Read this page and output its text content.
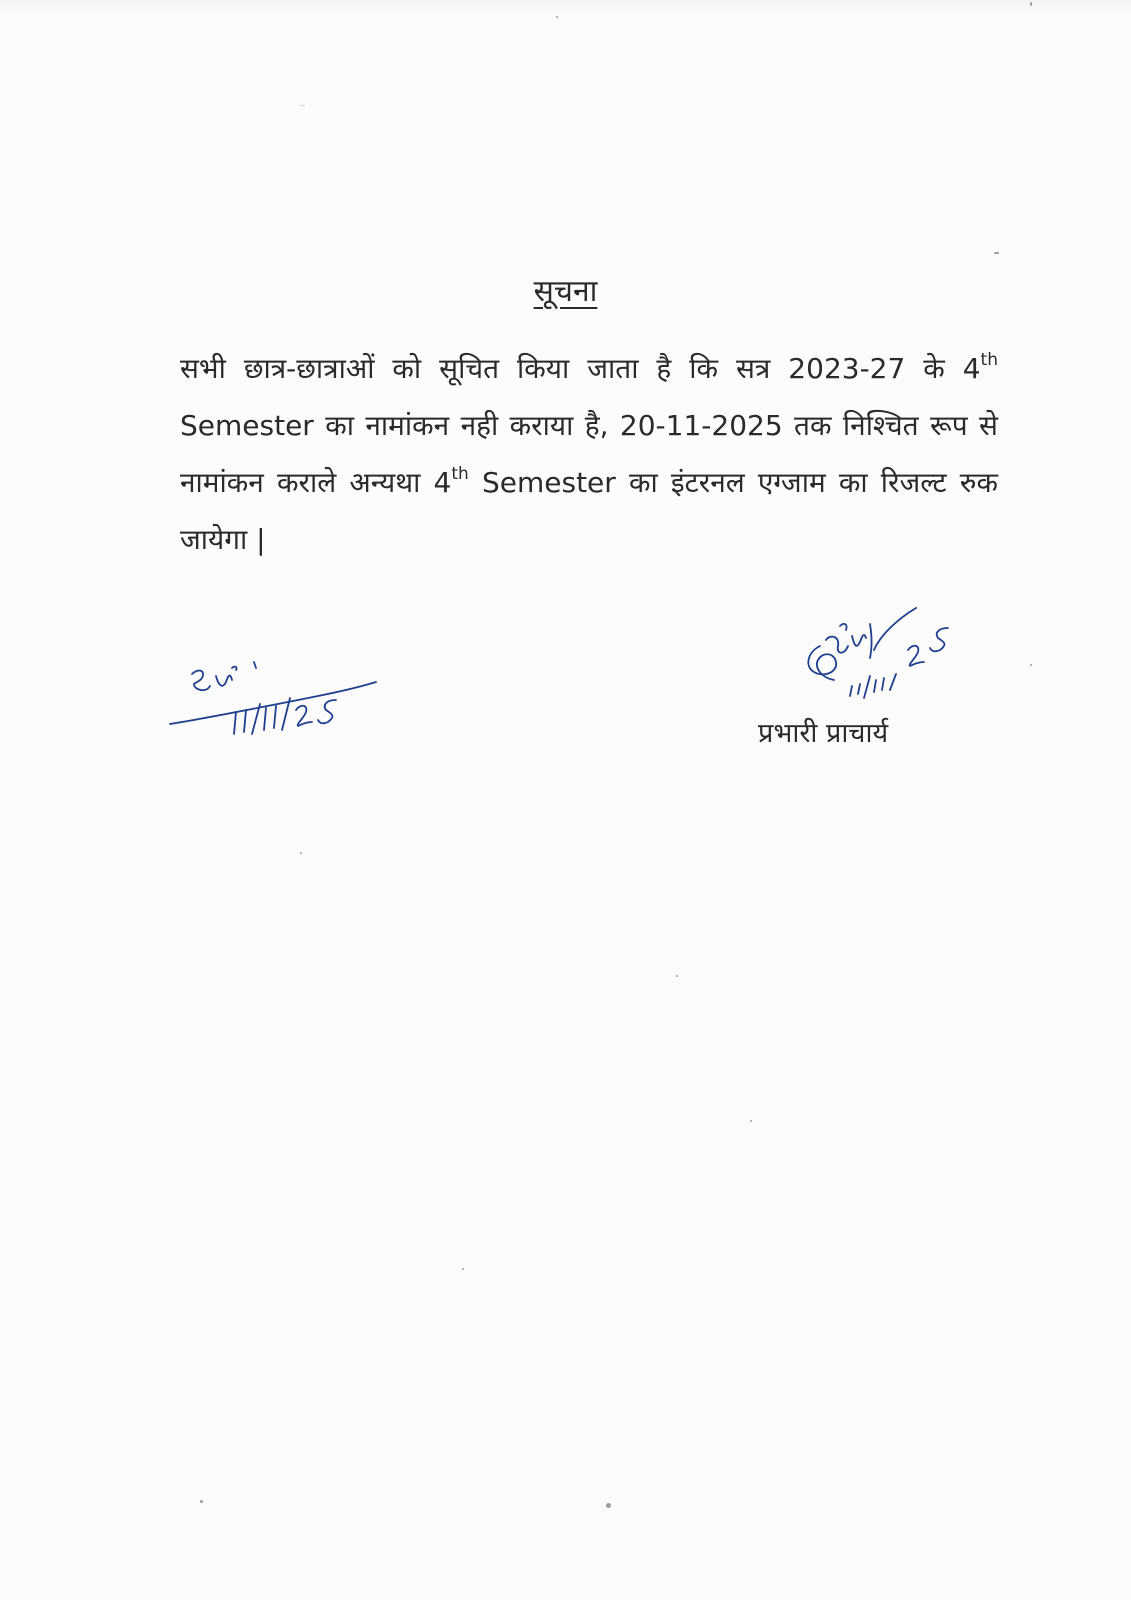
सूचना
सभी छात्र-छात्राओं को सूचित किया जाता है कि सत्र 2023-27 के 4th Semester का नामांकन नही कराया है, 20-11-2025 तक निश्चित रूप से नामांकन कराले अन्यथा 4th Semester का इंटरनल एग्जाम का रिजल्ट रुक जायेगा |
11/11/25
प्रभारी प्राचार्य
